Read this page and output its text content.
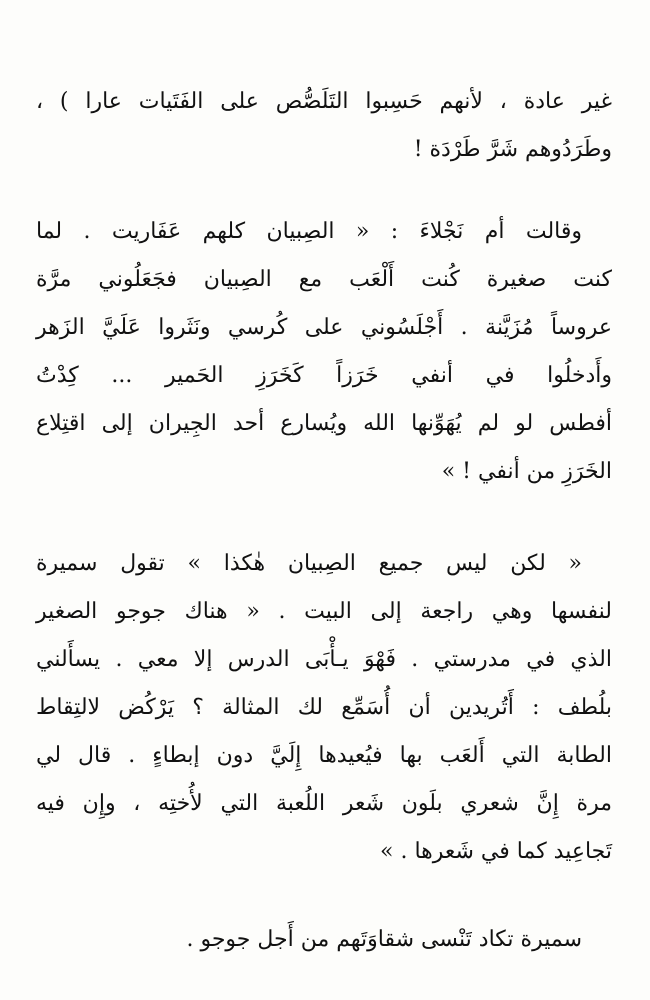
غير عادة ، لأنهم حَسِبوا التَلَصُّص على الفَتَيات عارا ) ،
وطَرَدُوهم شَرَّ طَرْدَة !
وقالت أم نَجْلاءَ : « الصِبيان كلهم عَفَاريت . لما
كنت صغيرة كُنت أَلْعَب مع الصِبيان فجَعَلُوني مرَّة
عروساً مُزَيَّنة . أَجْلَسُوني على كُرسي ونَثَروا عَلَيَّ الزَهر
وأَدخلُوا في أنفي خَرَزاً كَخَرَزِ الحَمير ... كِدْتُ
أفطس لو لم يُهَوِّنها الله ويُسارع أحد الجِيران إلى اقتِلاع
الخَرَزِ من أنفي ! »
« لكن ليس جميع الصِبيان هٰكذا » تقول سميرة
لنفسها وهي راجعة إلى البيت . « هناك جوجو الصغير
الذي في مدرستي . فَهْوَ يـأْبَى الدرس إلا معي . يسأَلني
بلُطف : أَتُريدين أن أُسَمِّع لك المثالة ؟ يَرْكُض لالتِقاط
الطابة التي أَلعَب بها فيُعيدها إِلَيَّ دون إبطاءٍ . قال لي
مرة إِنَّ شعري بلَون شَعر اللُعبة التي لأُختِه ، وإِن فيه
تَجاعِيد كما في شَعرها . »
سميرة تكاد تَنْسى شقاوَتَهم من أَجل جوجو .
